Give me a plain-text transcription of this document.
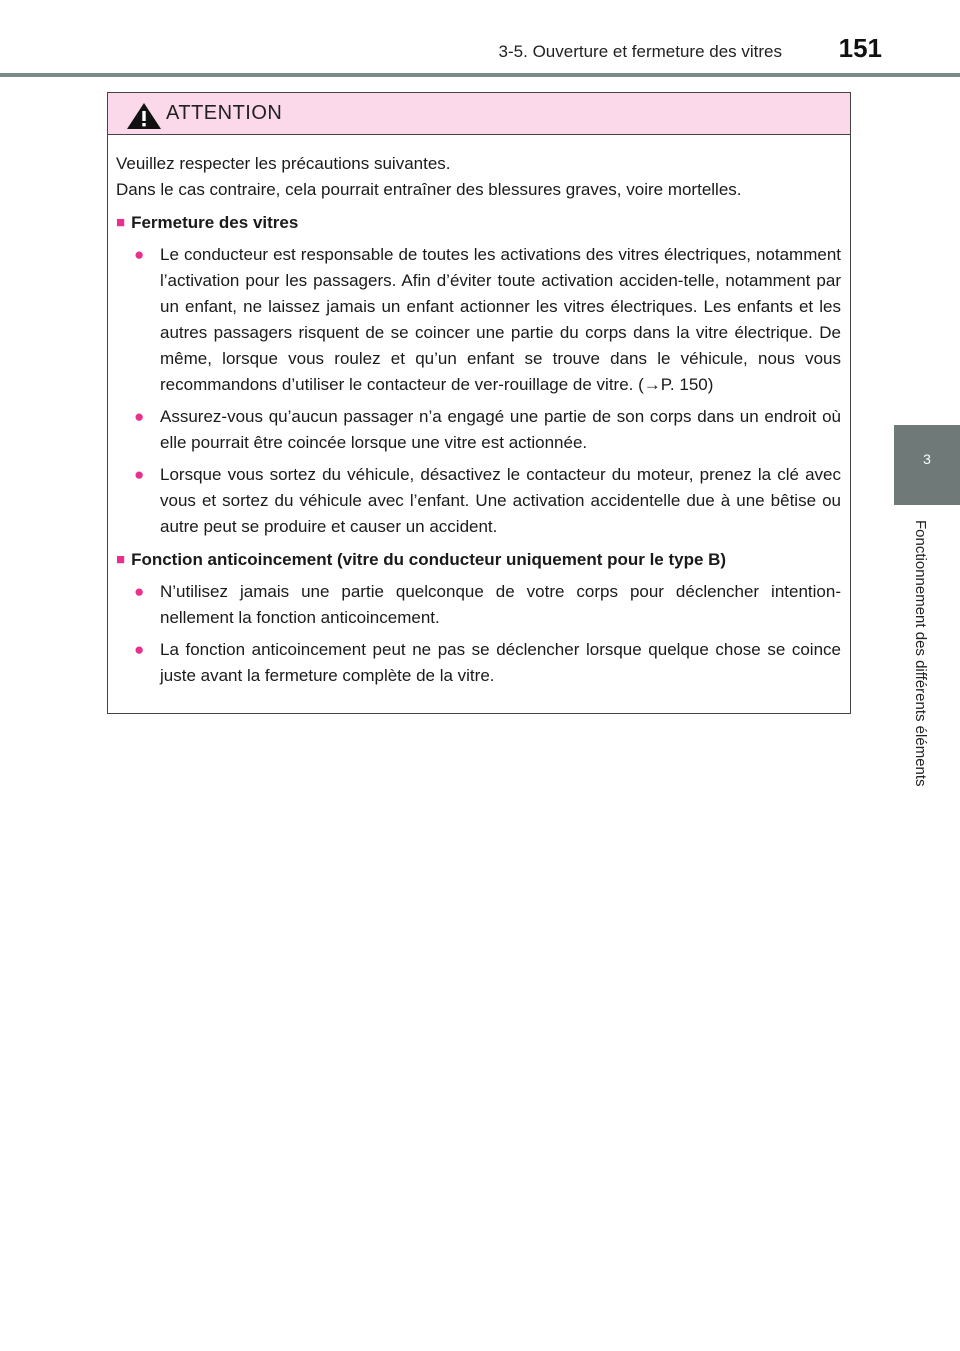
3-5. Ouverture et fermeture des vitres 151
3
Fonctionnement des différents éléments
ATTENTION

Veuillez respecter les précautions suivantes.

Dans le cas contraire, cela pourrait entraîner des blessures graves, voire mortelles.

■ Fermeture des vitres
● Le conducteur est responsable de toutes les activations des vitres électriques, notamment l’activation pour les passagers. Afin d’éviter toute activation acciden-telle, notamment par un enfant, ne laissez jamais un enfant actionner les vitres électriques. Les enfants et les autres passagers risquent de se coincer une partie du corps dans la vitre électrique. De même, lorsque vous roulez et qu’un enfant se trouve dans le véhicule, nous vous recommandons d’utiliser le contacteur de ver-rouillage de vitre. (→P. 150)
● Assurez-vous qu’aucun passager n’a engagé une partie de son corps dans un endroit où elle pourrait être coincée lorsque une vitre est actionnée.
● Lorsque vous sortez du véhicule, désactivez le contacteur du moteur, prenez la clé avec vous et sortez du véhicule avec l’enfant. Une activation accidentelle due à une bêtise ou autre peut se produire et causer un accident.
■ Fonction anticoincement (vitre du conducteur uniquement pour le type B)
● N’utilisez jamais une partie quelconque de votre corps pour déclencher intention-nellement la fonction anticoincement.
● La fonction anticoincement peut ne pas se déclencher lorsque quelque chose se coince juste avant la fermeture complète de la vitre.
